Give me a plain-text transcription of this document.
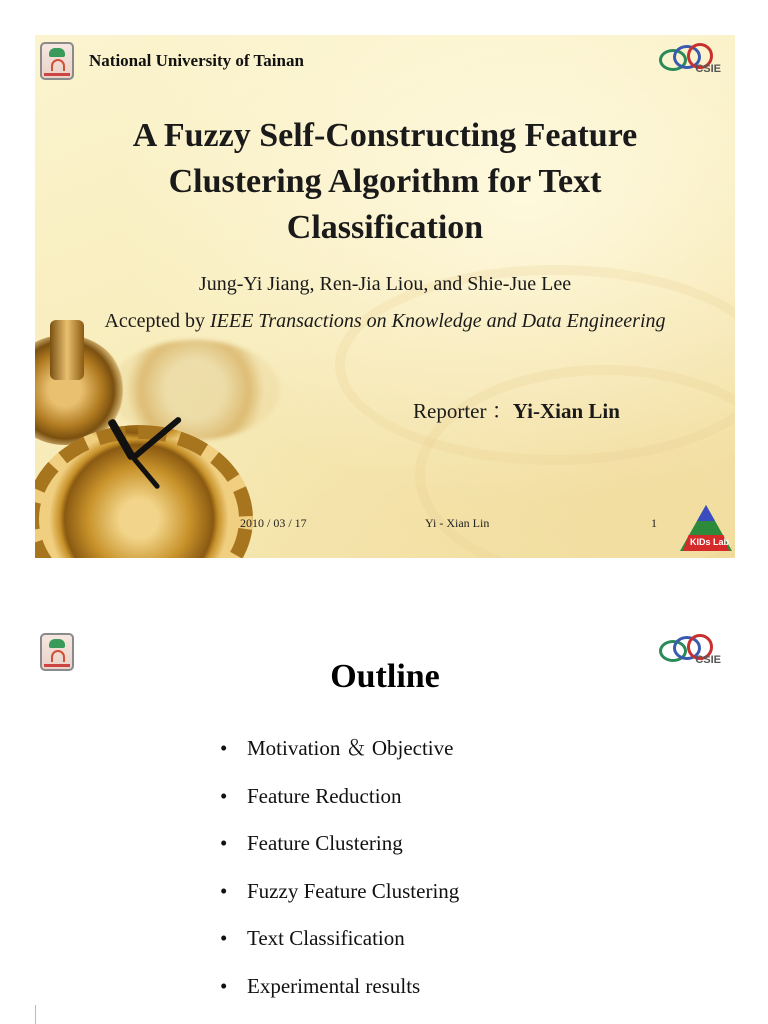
National University of Tainan	CSIE
A Fuzzy Self-Constructing Feature Clustering Algorithm for Text Classification
Jung-Yi Jiang, Ren-Jia Liou, and Shie-Jue Lee
Accepted by IEEE Transactions on Knowledge and Data Engineering
Reporter ：Yi-Xian Lin
2010 / 03 / 17	Yi - Xian Lin	1
KIDs Lab
CSIE
Outline
• Motivation ＆ Objective
• Feature Reduction
• Feature Clustering
• Fuzzy Feature Clustering
• Text Classification
• Experimental results
